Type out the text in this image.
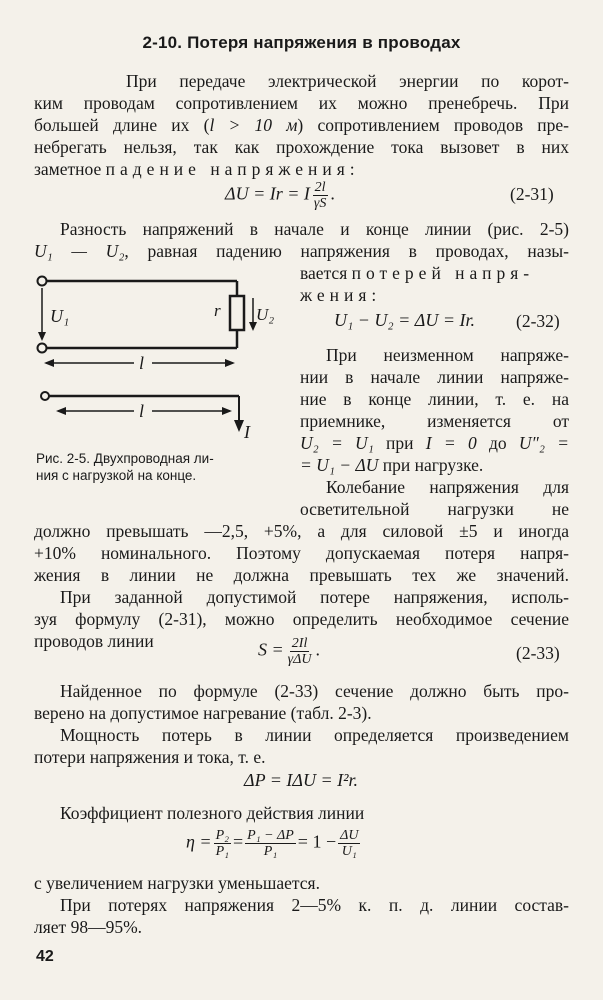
2-10. Потеря напряжения в проводах
При передаче электрической энергии по корот-
ким проводам сопротивлением их можно пренебречь. При
большей длине их (l > 10 м) сопротивлением проводов пре-
небрегать нельзя, так как прохождение тока вызовет в них
заметное падение напряжения:
ΔU = Ir = I $\frac{2l}{\gamma S}$ .	(2-31)
Разность напряжений в начале и конце линии (рис. 2-5)
U₁ — U₂, равная падению напряжения в проводах, назы-
вается потерей напря-
жения:
U₁	r U₂
l
I
l
Рис. 2-5. Двухпроводная ли-
ния с нагрузкой на конце.
U₁ − U₂ = ΔU = Ir. (2-32)
При неизменном напряже-
нии в начале линии напряже-
ние в конце линии, т. е. на
приемнике, изменяется от
U₂ = U₁ при I = 0 до U″₂ =
= U₁ − ΔU при нагрузке.
Колебание напряжения для
осветительной нагрузки не
должно превышать —2,5, +5%, а для силовой ±5 и иногда
+10% номинального. Поэтому допускаемая потеря напря-
жения в линии не должна превышать тех же значений.
При заданной допустимой потере напряжения, исполь-
зуя формулу (2-31), можно определить необходимое сечение
проводов линии	$S = \frac{2Il}{\text{γΔU}}$ .	(2-33)
Найденное по формуле (2-33) сечение должно быть про-
верено на допустимое нагревание (табл. 2-3).
Мощность потерь в линии определяется произведением
потери напряжения и тока, т. е.
ΔP = IΔU = I²r.
Коэффициент полезного действия линии
$\eta = \frac{\text{P₂}}{\text{P₁}} = \frac{\text{P₁ − ΔP}}{\text{P₁}} = 1 - \frac{\Delta U}{\text{U₁}}$
с увеличением нагрузки уменьшается.
При потерях напряжения 2—5% к. п. д. линии состав-
ляет 98—95%.
42
